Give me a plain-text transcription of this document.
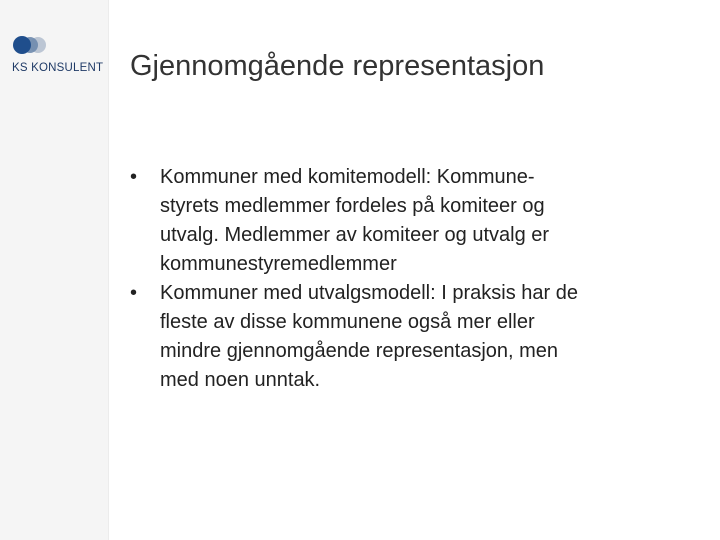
KS KONSULENT Gjennomgående representasjon
• Kommuner med komitemodell: Kommune-
styrets medlemmer fordeles på komiteer og
utvalg. Medlemmer av komiteer og utvalg er
kommunestyremedlemmer
• Kommuner med utvalgsmodell: I praksis har de
fleste av disse kommunene også mer eller
mindre gjennomgående representasjon, men
med noen unntak.
